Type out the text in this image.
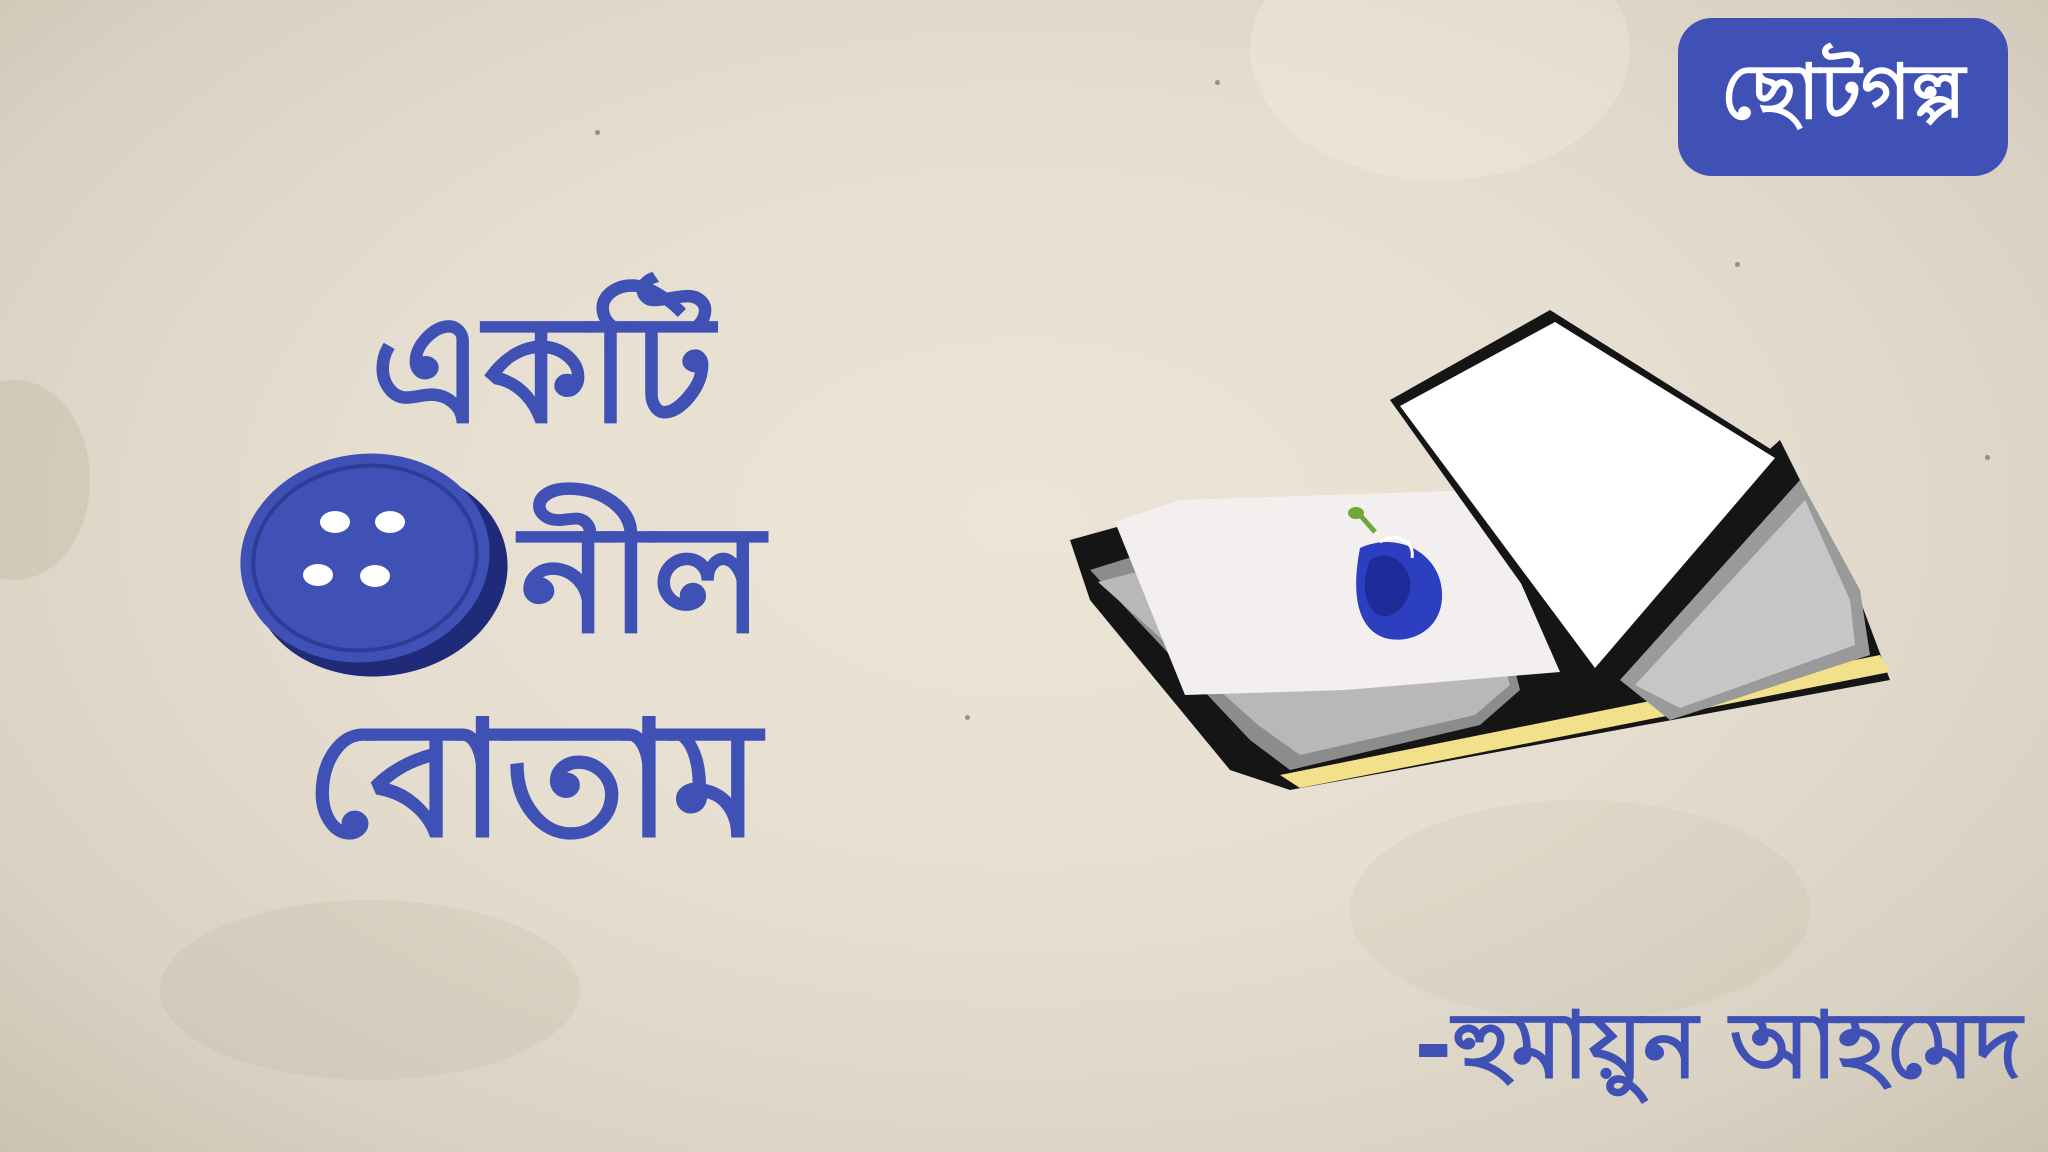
ছোটগল্প
একটি
নীল
বোতাম
-হুমায়ুন আহমেদ
